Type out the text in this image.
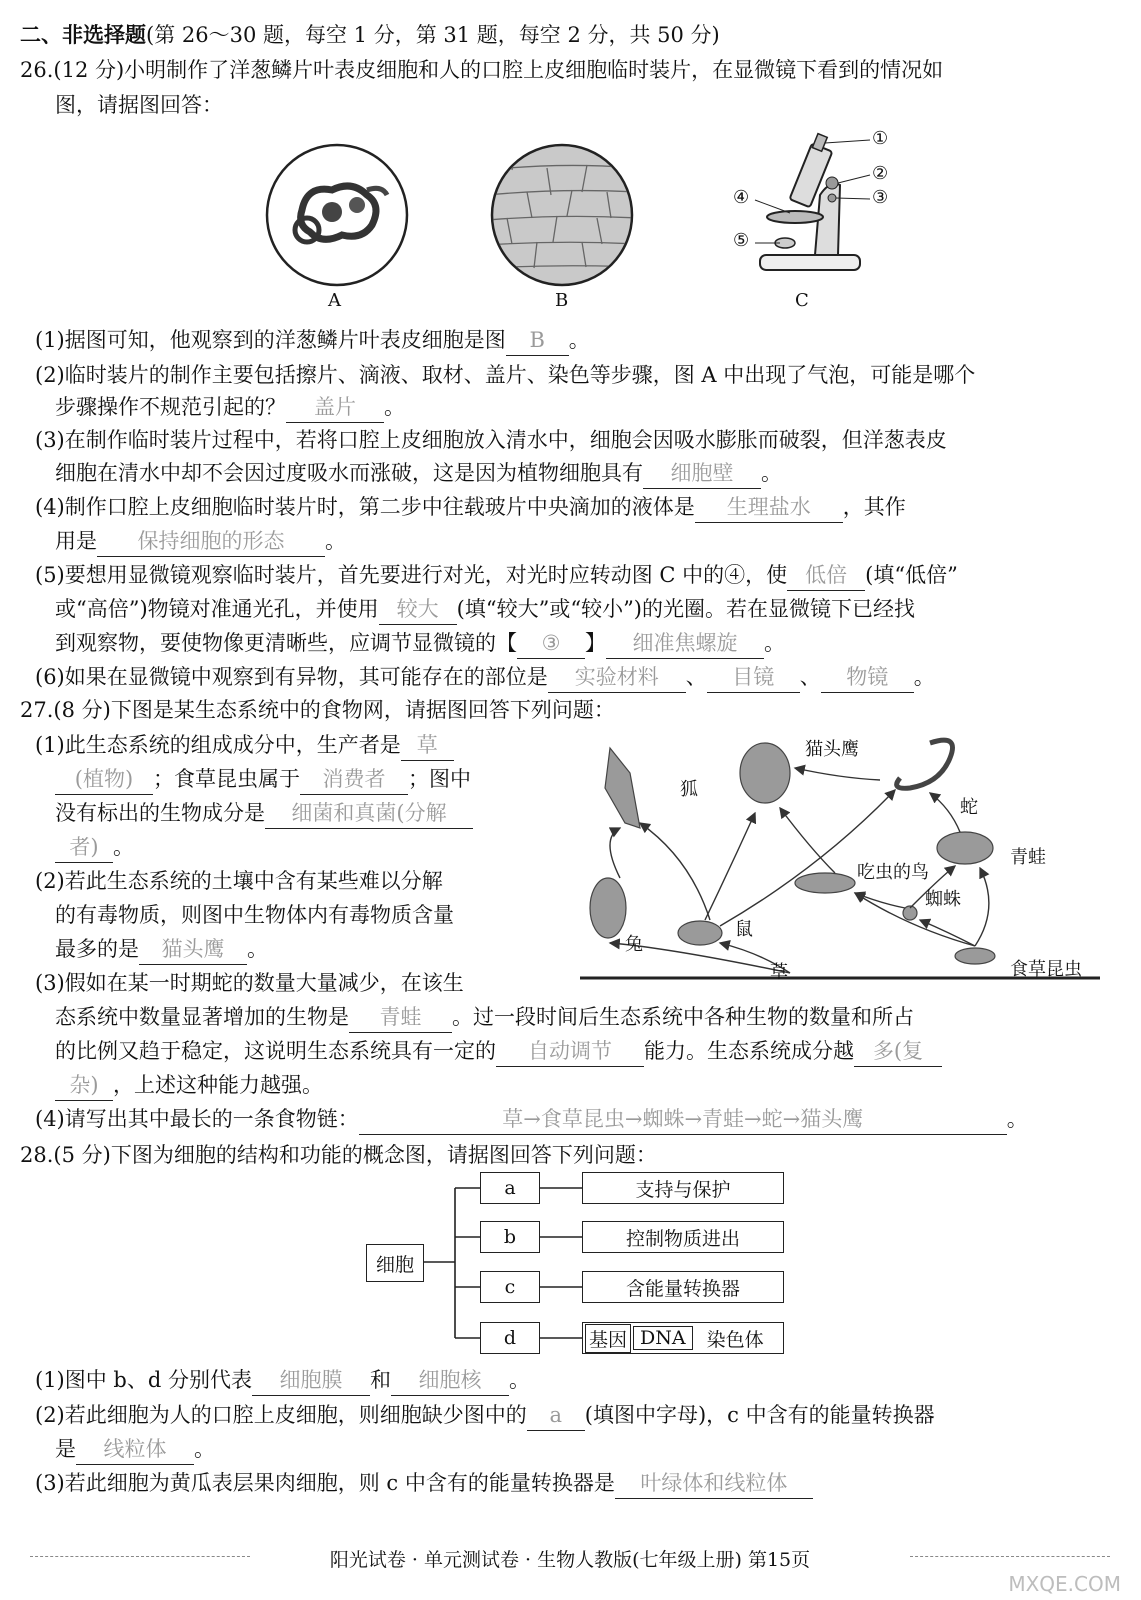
二、非选择题(第 26～30 题，每空 1 分，第 31 题，每空 2 分，共 50 分)
26.(12 分)小明制作了洋葱鳞片叶表皮细胞和人的口腔上皮细胞临时装片，在显微镜下看到的情况如
图，请据图回答：
A	B
①
②
③
④
⑤
C
(1)据图可知，他观察到的洋葱鳞片叶表皮细胞是图 B 。
(2)临时装片的制作主要包括擦片、滴液、取材、盖片、染色等步骤，图 A 中出现了气泡，可能是哪个
步骤操作不规范引起的？ 盖片 。
(3)在制作临时装片过程中，若将口腔上皮细胞放入清水中，细胞会因吸水膨胀而破裂，但洋葱表皮
细胞在清水中却不会因过度吸水而涨破，这是因为植物细胞具有 细胞壁 。
(4)制作口腔上皮细胞临时装片时，第二步中往载玻片中央滴加的液体是 生理盐水 ，其作
用是 保持细胞的形态 。
(5)要想用显微镜观察临时装片，首先要进行对光，对光时应转动图 C 中的④，使 低倍 (填“低倍”
或“高倍”)物镜对准通光孔，并使用 较大 (填“较大”或“较小”)的光圈。若在显微镜下已经找
到观察物，要使物像更清晰些，应调节显微镜的【 ③ 】 细准焦螺旋 。
(6)如果在显微镜中观察到有异物，其可能存在的部位是 实验材料 、 目镜 、 物镜 。
27.(8 分)下图是某生态系统中的食物网，请据图回答下列问题：
(1)此生态系统的组成成分中，生产者是 草
(植物) ；食草昆虫属于 消费者 ；图中
没有标出的生物成分是 细菌和真菌(分解
者) 。
(2)若此生态系统的土壤中含有某些难以分解
的有毒物质，则图中生物体内有毒物质含量
最多的是 猫头鹰 。
(3)假如在某一时期蛇的数量大量减少，在该生
态系统中数量显著增加的生物是 青蛙 。过一段时间后生态系统中各种生物的数量和所占
的比例又趋于稳定，这说明生态系统具有一定的 自动调节 能力。生态系统成分越 多(复
杂) ，上述这种能力越强。
(4)请写出其中最长的一条食物链：	草→食草昆虫→蜘蛛→青蛙→蛇→猫头鹰	。
狐
猫头鹰
蛇
青蛙
吃虫的鸟
蜘蛛
兔
鼠
草	食草昆虫
28.(5 分)下图为细胞的结构和功能的概念图，请据图回答下列问题：
细胞
a
b
c
d
支持与保护
控制物质进出
含能量转换器
基因 DNA	染色体
(1)图中 b、d 分别代表 细胞膜 和 细胞核 。
(2)若此细胞为人的口腔上皮细胞，则细胞缺少图中的 a (填图中字母)，c 中含有的能量转换器
是 线粒体 。
(3)若此细胞为黄瓜表层果肉细胞，则 c 中含有的能量转换器是 叶绿体和线粒体
阳光试卷 · 单元测试卷 · 生物人教版(七年级上册) 第15页
MXQE.COM
